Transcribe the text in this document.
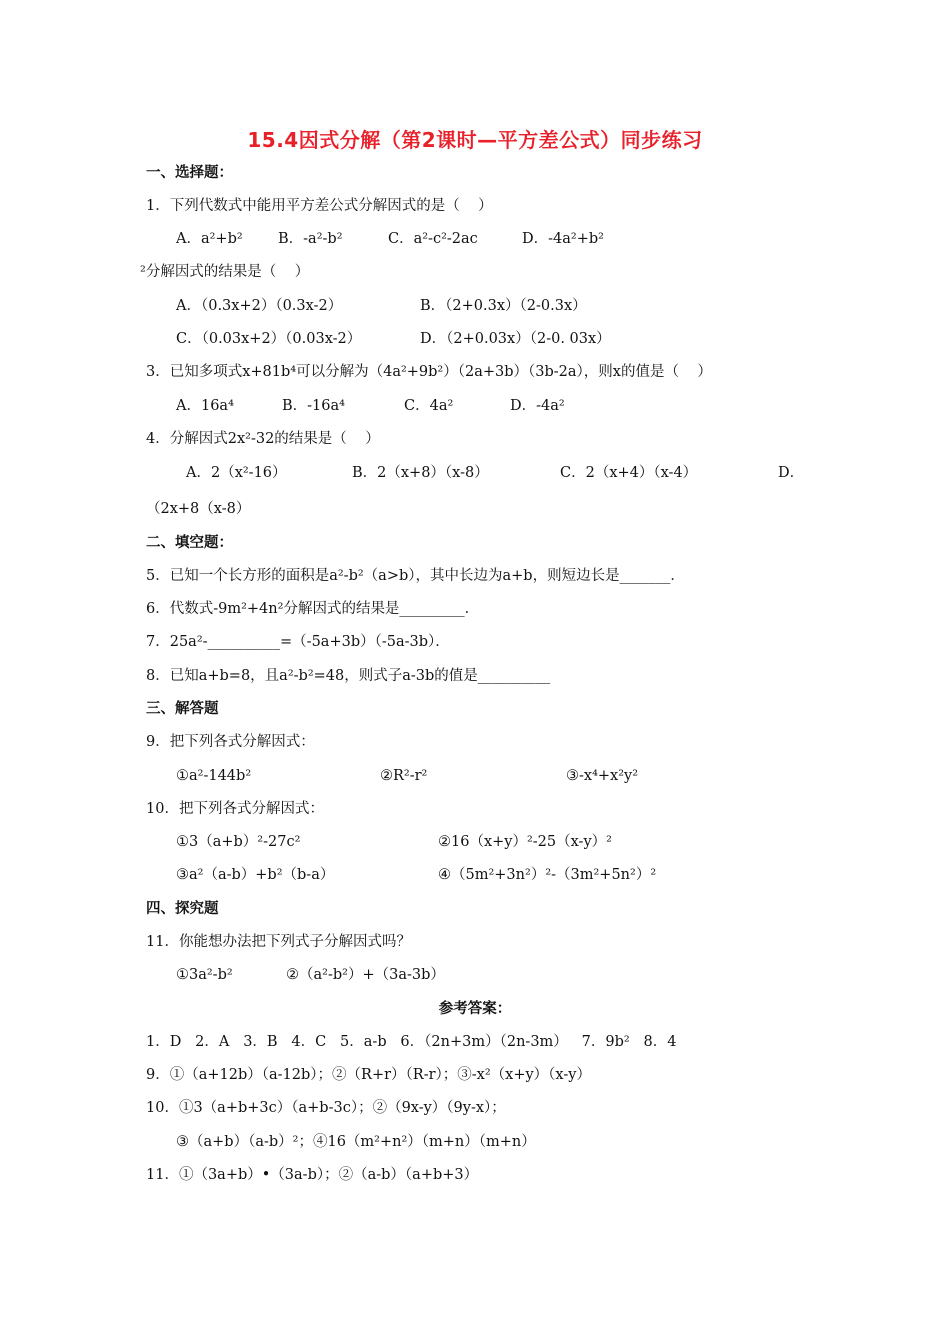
15.4因式分解（第2课时—平方差公式）同步练习
一、选择题：
1．下列代数式中能用平方差公式分解因式的是（    ）
A．a²+b² B．-a²-b²	C．a²-c²-2ac	D．-4a²+b²
²分解因式的结果是（    ）
A．（0.3x+2）（0.3x-2）	B．（2+0.3x）（2-0.3x）
C．（0.03x+2）（0.03x-2）	D．（2+0.03x）（2-0. 03x）
3．已知多项式x+81b⁴可以分解为（4a²+9b²）（2a+3b）（3b-2a），则x的值是（    ）
A．16a⁴	B．-16a⁴	C．4a²	D．-4a²
4．分解因式2x²-32的结果是（    ）
A．2（x²-16）	B．2（x+8）（x-8）	C．2（x+4）（x-4）	D．
（2x+8（x-8）
二、填空题：
5．已知一个长方形的面积是a²-b²（a>b），其中长边为a+b，则短边长是_______．
6．代数式-9m²+4n²分解因式的结果是_________．
7．25a²-__________=（-5a+3b）（-5a-3b）．
8．已知a+b=8，且a²-b²=48，则式子a-3b的值是__________
三、解答题
9．把下列各式分解因式：
①a²-144b²	②R²-r²	③-x⁴+x²y²
10．把下列各式分解因式：
①3（a+b）²-27c²	②16（x+y）²-25（x-y）²
③a²（a-b）+b²（b-a）	④（5m²+3n²）²-（3m²+5n²）²
四、探究题
11．你能想办法把下列式子分解因式吗？
①3a²-b²	②（a²-b²）+（3a-3b）
参考答案：
1．D   2．A   3．B   4．C   5．a-b   6．（2n+3m）（2n-3m）   7．9b²   8．4
9．①（a+12b）（a-12b）；②（R+r）（R-r）；③-x²（x+y）（x-y）
10．①3（a+b+3c）（a+b-3c）；②（9x-y）（9y-x）；
③（a+b）（a-b）²；④16（m²+n²）（m+n）（m+n）
11．①（3a+b）•（3a-b）；②（a-b）（a+b+3）
